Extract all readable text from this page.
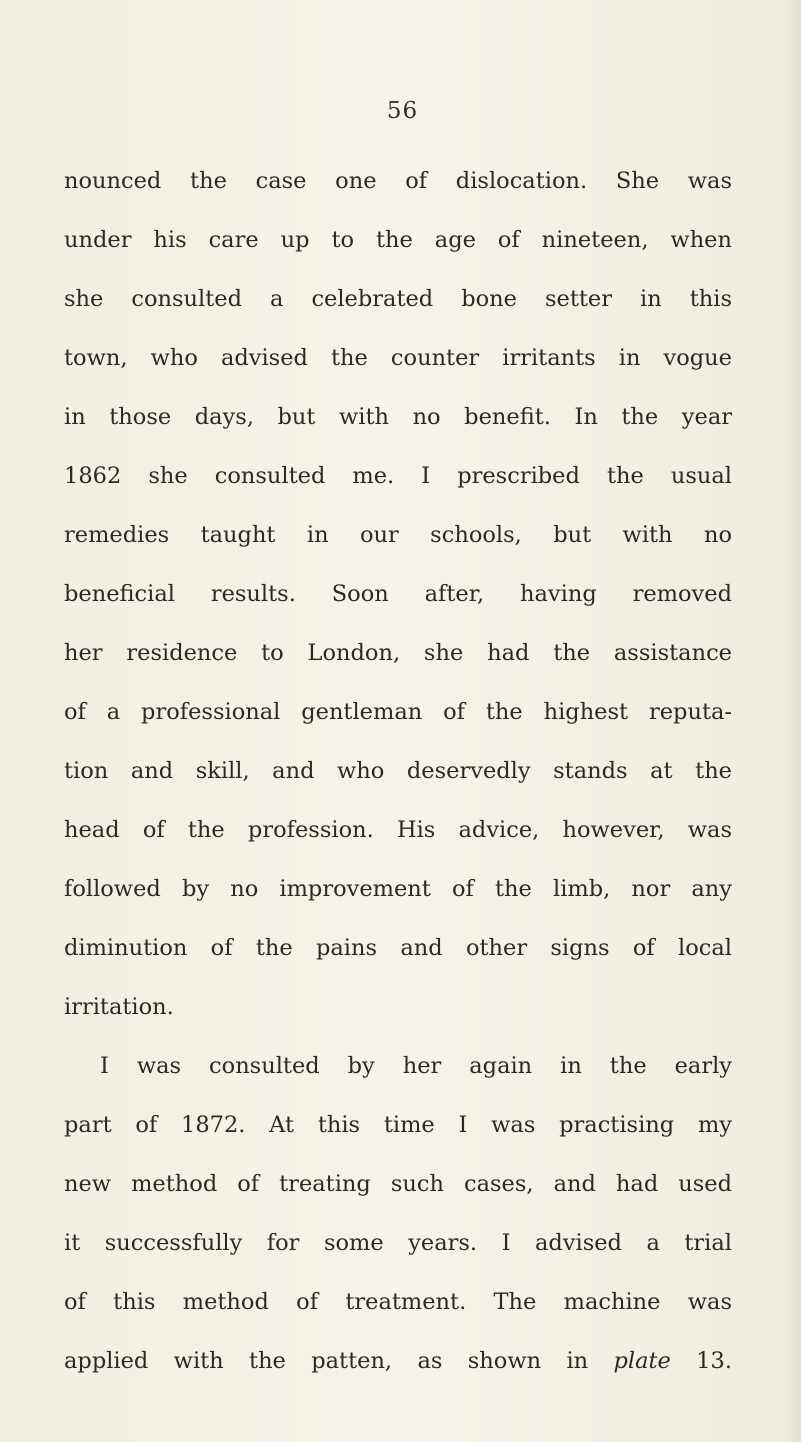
56
nounced the case one of dislocation. She was
under his care up to the age of nineteen, when
she consulted a celebrated bone setter in this
town, who advised the counter irritants in vogue
in those days, but with no benefit. In the year
1862 she consulted me. I prescribed the usual
remedies taught in our schools, but with no
beneficial results. Soon after, having removed
her residence to London, she had the assistance
of a professional gentleman of the highest reputa-
tion and skill, and who deservedly stands at the
head of the profession. His advice, however, was
followed by no improvement of the limb, nor any
diminution of the pains and other signs of local
irritation.
I was consulted by her again in the early
part of 1872. At this time I was practising my
new method of treating such cases, and had used
it successfully for some years. I advised a trial
of this method of treatment. The machine was
applied with the patten, as shown in plate 13.
